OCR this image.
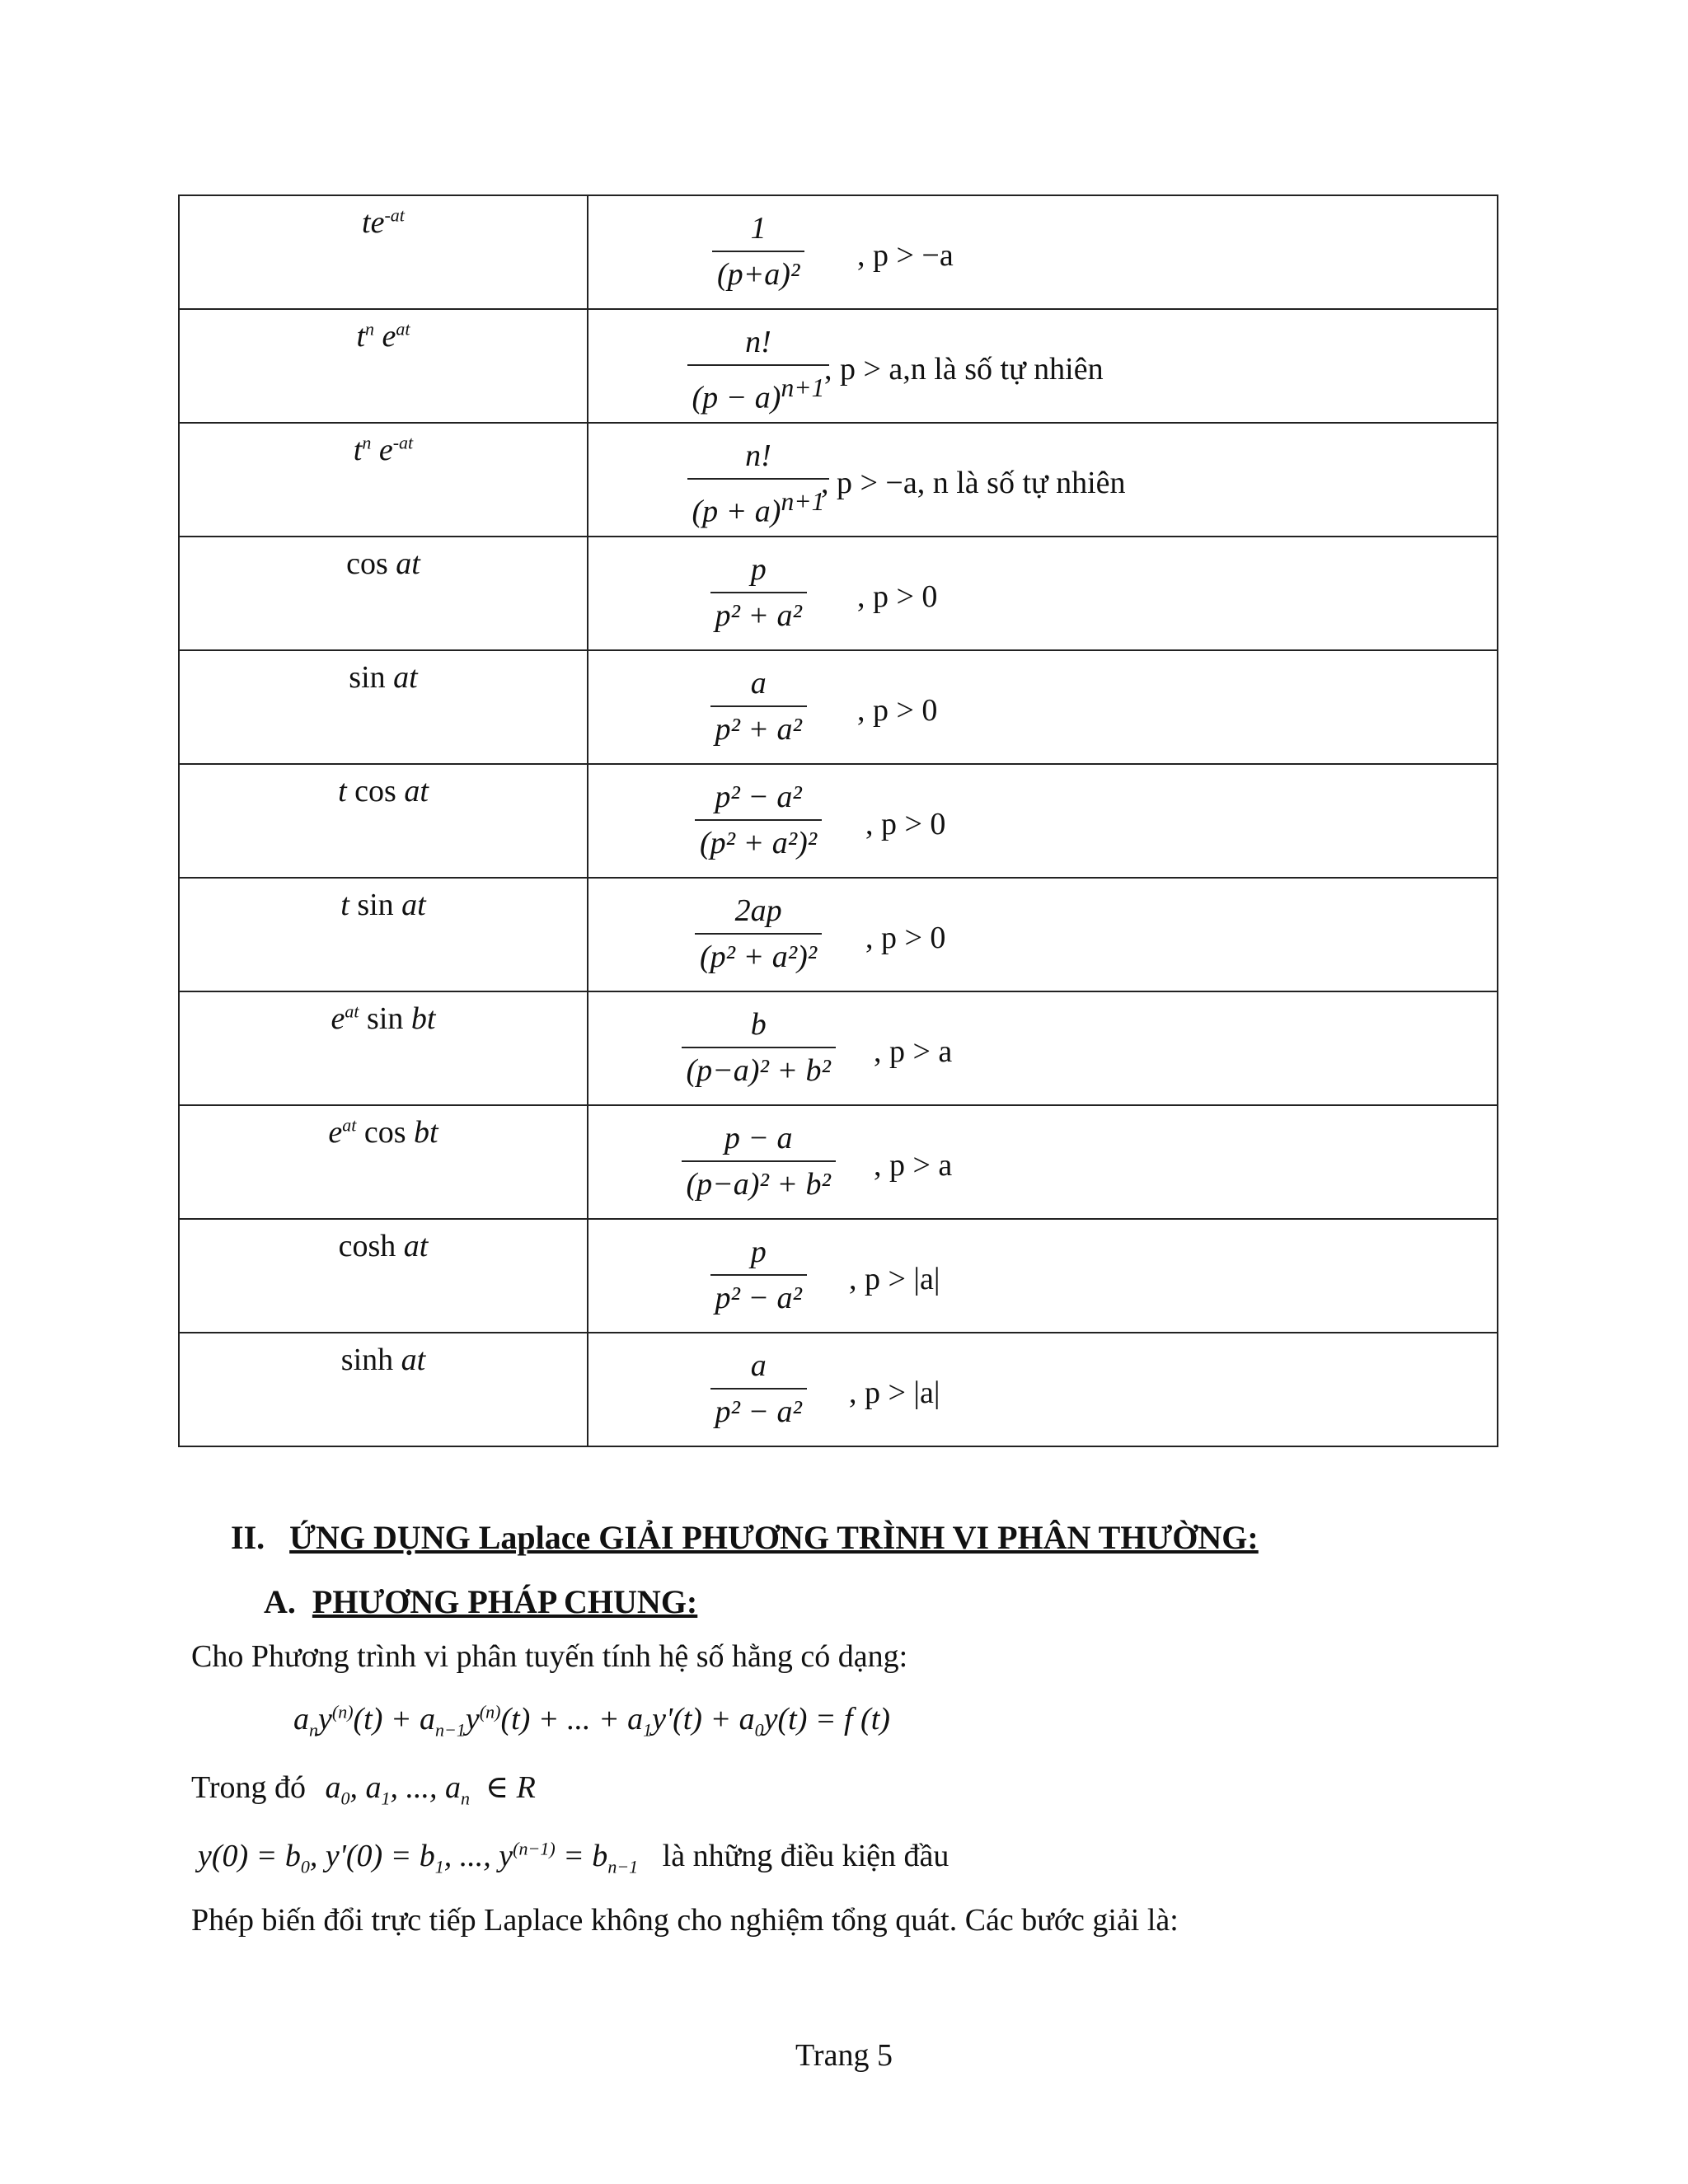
$te^{-at}$	1
(p+a)²
, p > −a

$t^n$ $e^{at}$	n!
$(p - a)^{n+1}$
, p > a,n là số tự nhiên

$t^n$ $e^{-at}$	n!
$(p + a)^{n+1}$
, p > −a, n là số tự nhiên

cos at	p
p² + a²
, p > 0

sin at	a
p² + a²
, p > 0

t cos at	p² − a²
(p² + a²)²
, p > 0

t sin at	2ap
(p² + a²)²
, p > 0

$e^{at}$ sin bt	b
(p−a)² + b²
, p > a

$e^{at}$ cos bt	p − a
(p−a)² + b²
, p > a

cosh at	p
p² − a²
, p > |a|

sinh at	a
p² − a²
, p > |a|
II. ỨNG DỤNG Laplace GIẢI PHƯƠNG TRÌNH VI PHÂN THƯỜNG:
A. PHƯƠNG PHÁP CHUNG:
Cho Phương trình vi phân tuyến tính hệ số hằng có dạng:
$a_ny^{(n)}(t) + a_{n-1}y^{(n)}(t)$ + ... + $a_1y'(t) + a_0y(t) = f$ (t)
Trong đó $a_0$, $a_1$, ..., $a_n$  ∈ R
$y(0) = b_0$, $y'(0) = b_1$, ..., $y^{(n-1)} = b_{n-1}$ là những điều kiện đầu
Phép biến đổi trực tiếp Laplace không cho nghiệm tổng quát. Các bước giải là:
Trang 5
